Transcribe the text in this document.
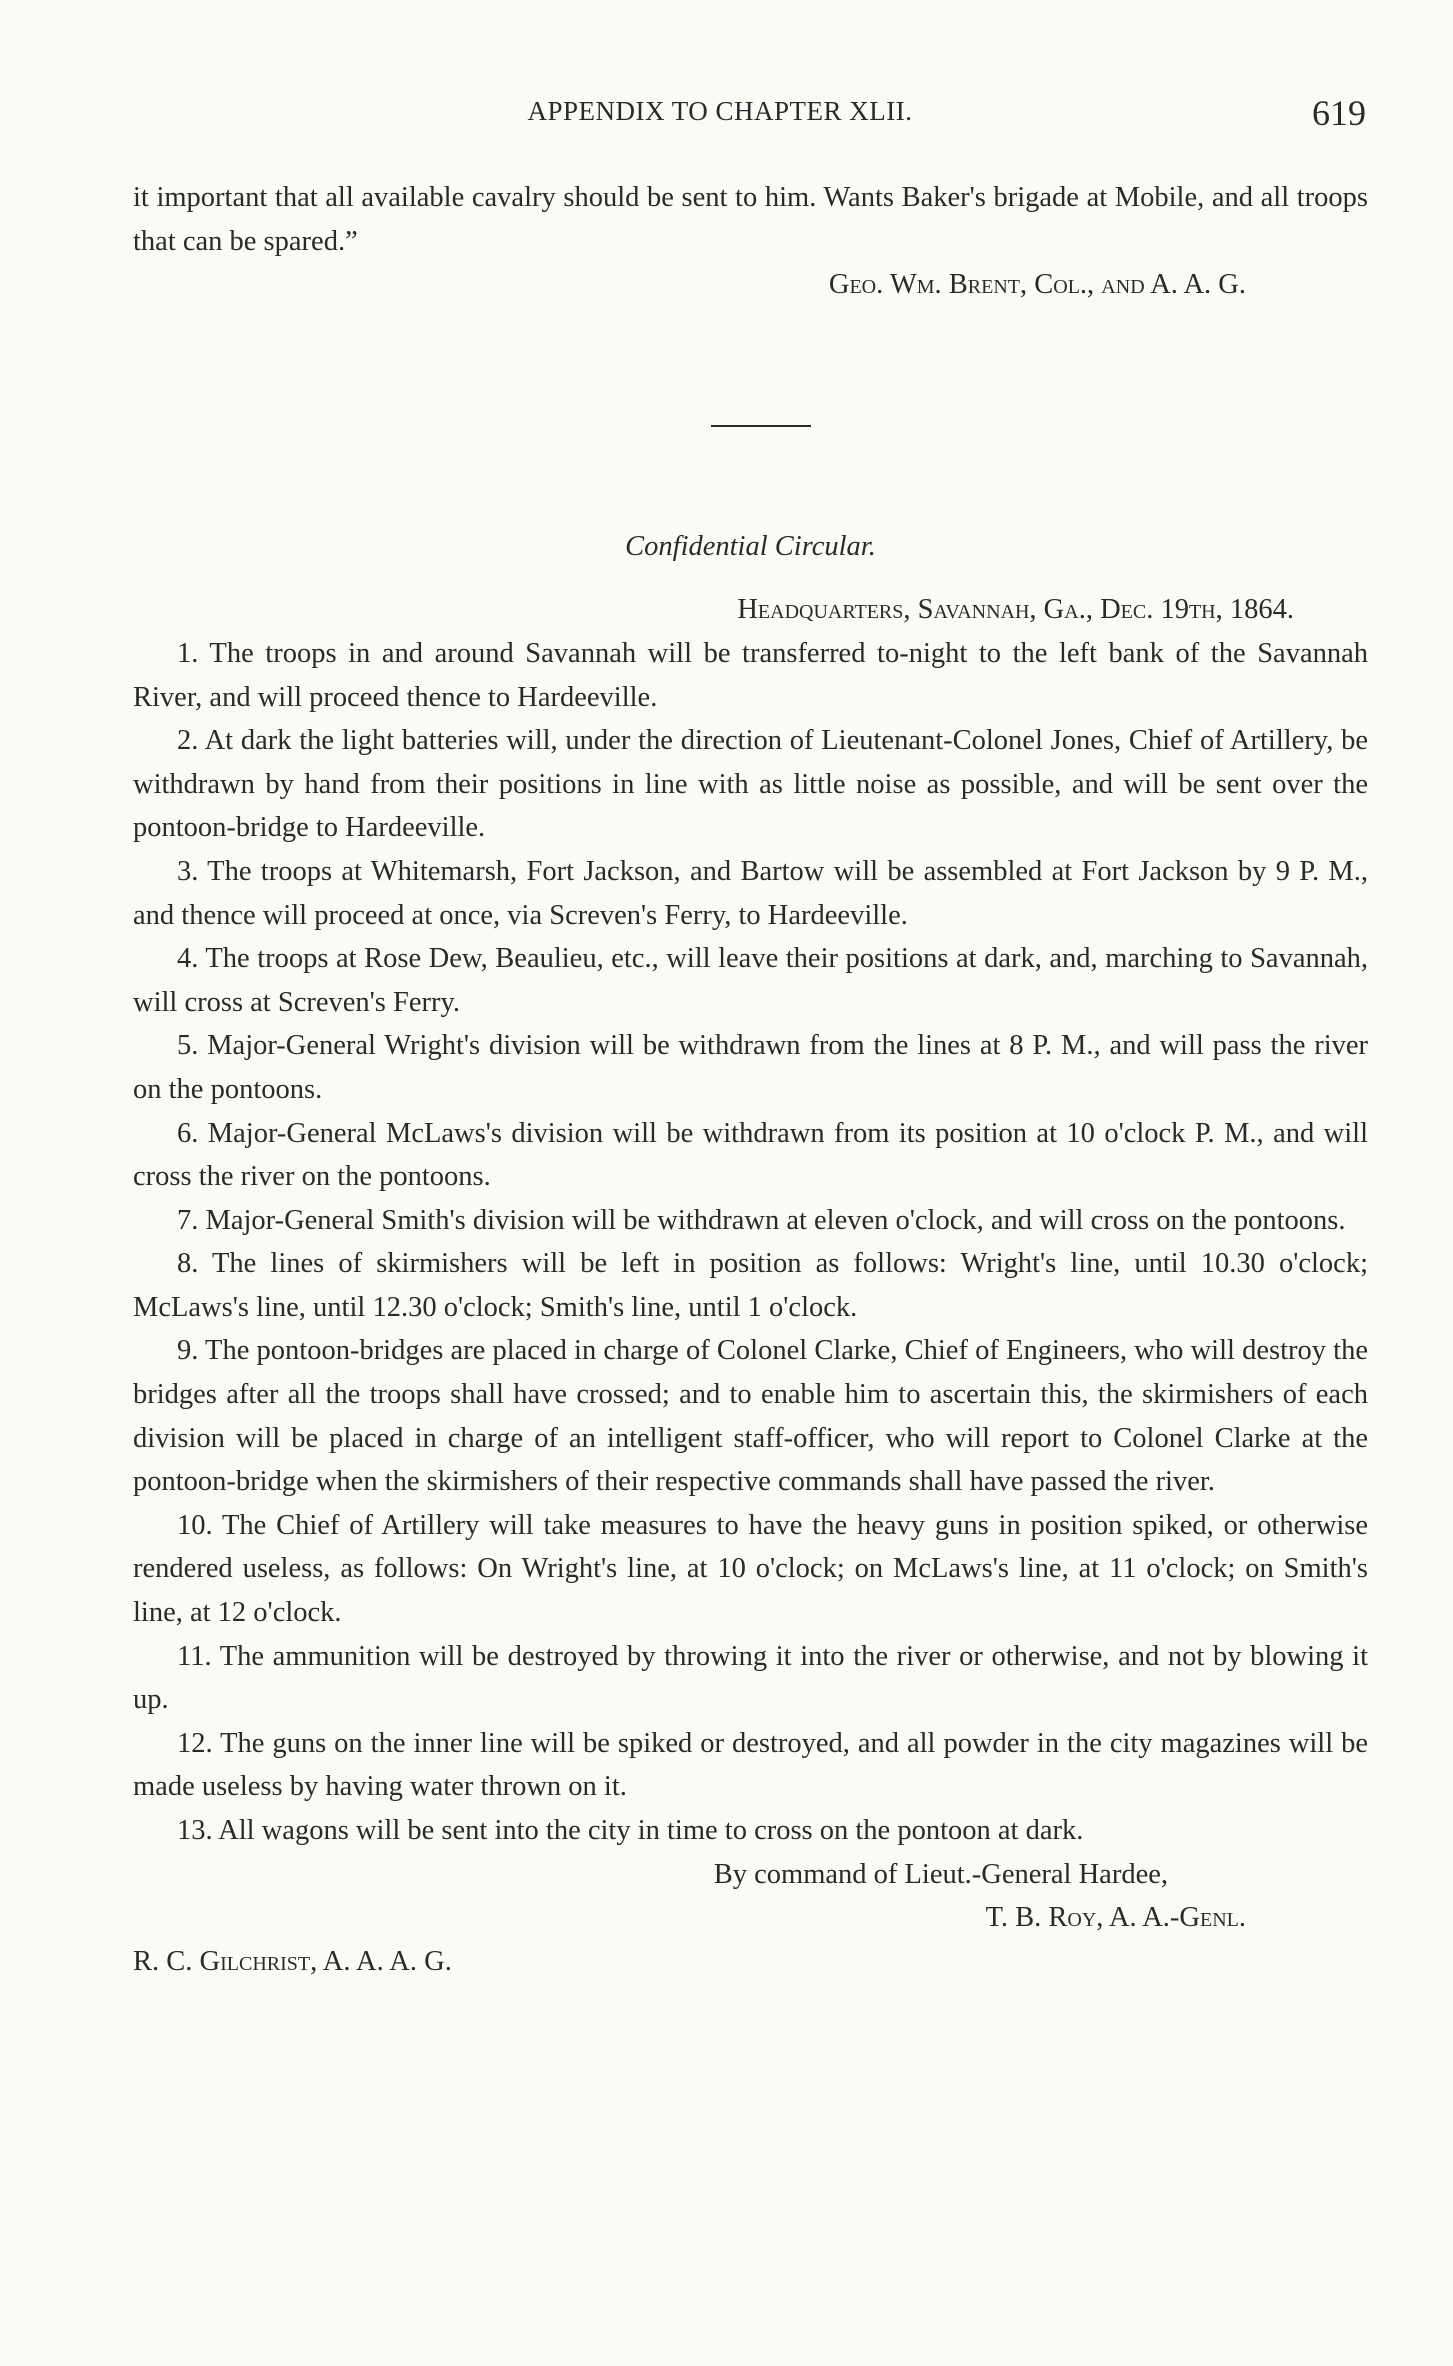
APPENDIX TO CHAPTER XLII.	619

it important that all available cavalry should be sent to him. Wants Baker's brigade at Mobile, and all troops that can be spared.”

Geo. Wm. Brent, Col., and A. A. G.

Confidential Circular.

Headquarters, Savannah, Ga., Dec. 19th, 1864.

1. The troops in and around Savannah will be transferred to-night to the left bank of the Savannah River, and will proceed thence to Hardeeville.

2. At dark the light batteries will, under the direction of Lieutenant-Colonel Jones, Chief of Artillery, be withdrawn by hand from their positions in line with as little noise as possible, and will be sent over the pontoon-bridge to Hardeeville.

3. The troops at Whitemarsh, Fort Jackson, and Bartow will be assembled at Fort Jackson by 9 P. M., and thence will proceed at once, via Screven's Ferry, to Hardeeville.

4. The troops at Rose Dew, Beaulieu, etc., will leave their positions at dark, and, marching to Savannah, will cross at Screven's Ferry.

5. Major-General Wright's division will be withdrawn from the lines at 8 P. M., and will pass the river on the pontoons.

6. Major-General McLaws's division will be withdrawn from its position at 10 o'clock P. M., and will cross the river on the pontoons.

7. Major-General Smith's division will be withdrawn at eleven o'clock, and will cross on the pontoons.

8. The lines of skirmishers will be left in position as follows: Wright's line, until 10.30 o'clock; McLaws's line, until 12.30 o'clock; Smith's line, until 1 o'clock.

9. The pontoon-bridges are placed in charge of Colonel Clarke, Chief of Engineers, who will destroy the bridges after all the troops shall have crossed; and to enable him to ascertain this, the skirmishers of each division will be placed in charge of an intelligent staff-officer, who will report to Colonel Clarke at the pontoon-bridge when the skirmishers of their respective commands shall have passed the river.

10. The Chief of Artillery will take measures to have the heavy guns in position spiked, or otherwise rendered useless, as follows: On Wright's line, at 10 o'clock; on McLaws's line, at 11 o'clock; on Smith's line, at 12 o'clock.

11. The ammunition will be destroyed by throwing it into the river or otherwise, and not by blowing it up.

12. The guns on the inner line will be spiked or destroyed, and all powder in the city magazines will be made useless by having water thrown on it.

13. All wagons will be sent into the city in time to cross on the pontoon at dark.

By command of Lieut.-General Hardee,

T. B. Roy, A. A.-Genl.

R. C. Gilchrist, A. A. A. G.
